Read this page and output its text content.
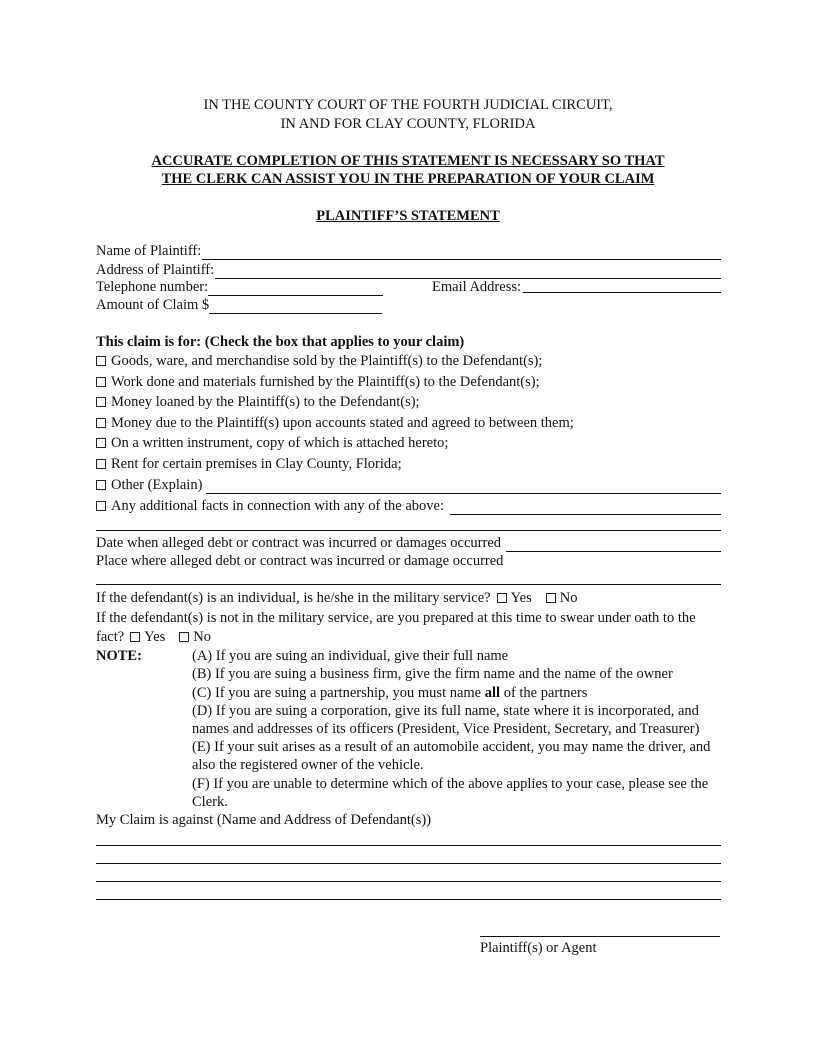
IN THE COUNTY COURT OF THE FOURTH JUDICIAL CIRCUIT,
IN AND FOR CLAY COUNTY, FLORIDA
ACCURATE COMPLETION OF THIS STATEMENT IS NECESSARY SO THAT
THE CLERK CAN ASSIST YOU IN THE PREPARATION OF YOUR CLAIM
PLAINTIFF’S STATEMENT
Name of Plaintiff:
Address of Plaintiff:
Telephone number:	Email Address:
Amount of Claim $
This claim is for: (Check the box that applies to your claim)
Goods, ware, and merchandise sold by the Plaintiff(s) to the Defendant(s);
Work done and materials furnished by the Plaintiff(s) to the Defendant(s);
Money loaned by the Plaintiff(s) to the Defendant(s);
Money due to the Plaintiff(s) upon accounts stated and agreed to between them;
On a written instrument, copy of which is attached hereto;
Rent for certain premises in Clay County, Florida;
Other (Explain)
Any additional facts in connection with any of the above:
Date when alleged debt or contract was incurred or damages occurred
Place where alleged debt or contract was incurred or damage occurred
If the defendant(s) is an individual, is he/she in the military service? Yes No
If the defendant(s) is not in the military service, are you prepared at this time to swear under oath to the
fact? Yes No
NOTE:	(A) If you are suing an individual, give their full name
(B) If you are suing a business firm, give the firm name and the name of the owner
(C) If you are suing a partnership, you must name all of the partners
(D) If you are suing a corporation, give its full name, state where it is incorporated, and names and addresses of its officers (President, Vice President, Secretary, and Treasurer)
(E) If your suit arises as a result of an automobile accident, you may name the driver, and also the registered owner of the vehicle.
(F) If you are unable to determine which of the above applies to your case, please see the Clerk.
My Claim is against (Name and Address of Defendant(s))
Plaintiff(s) or Agent
